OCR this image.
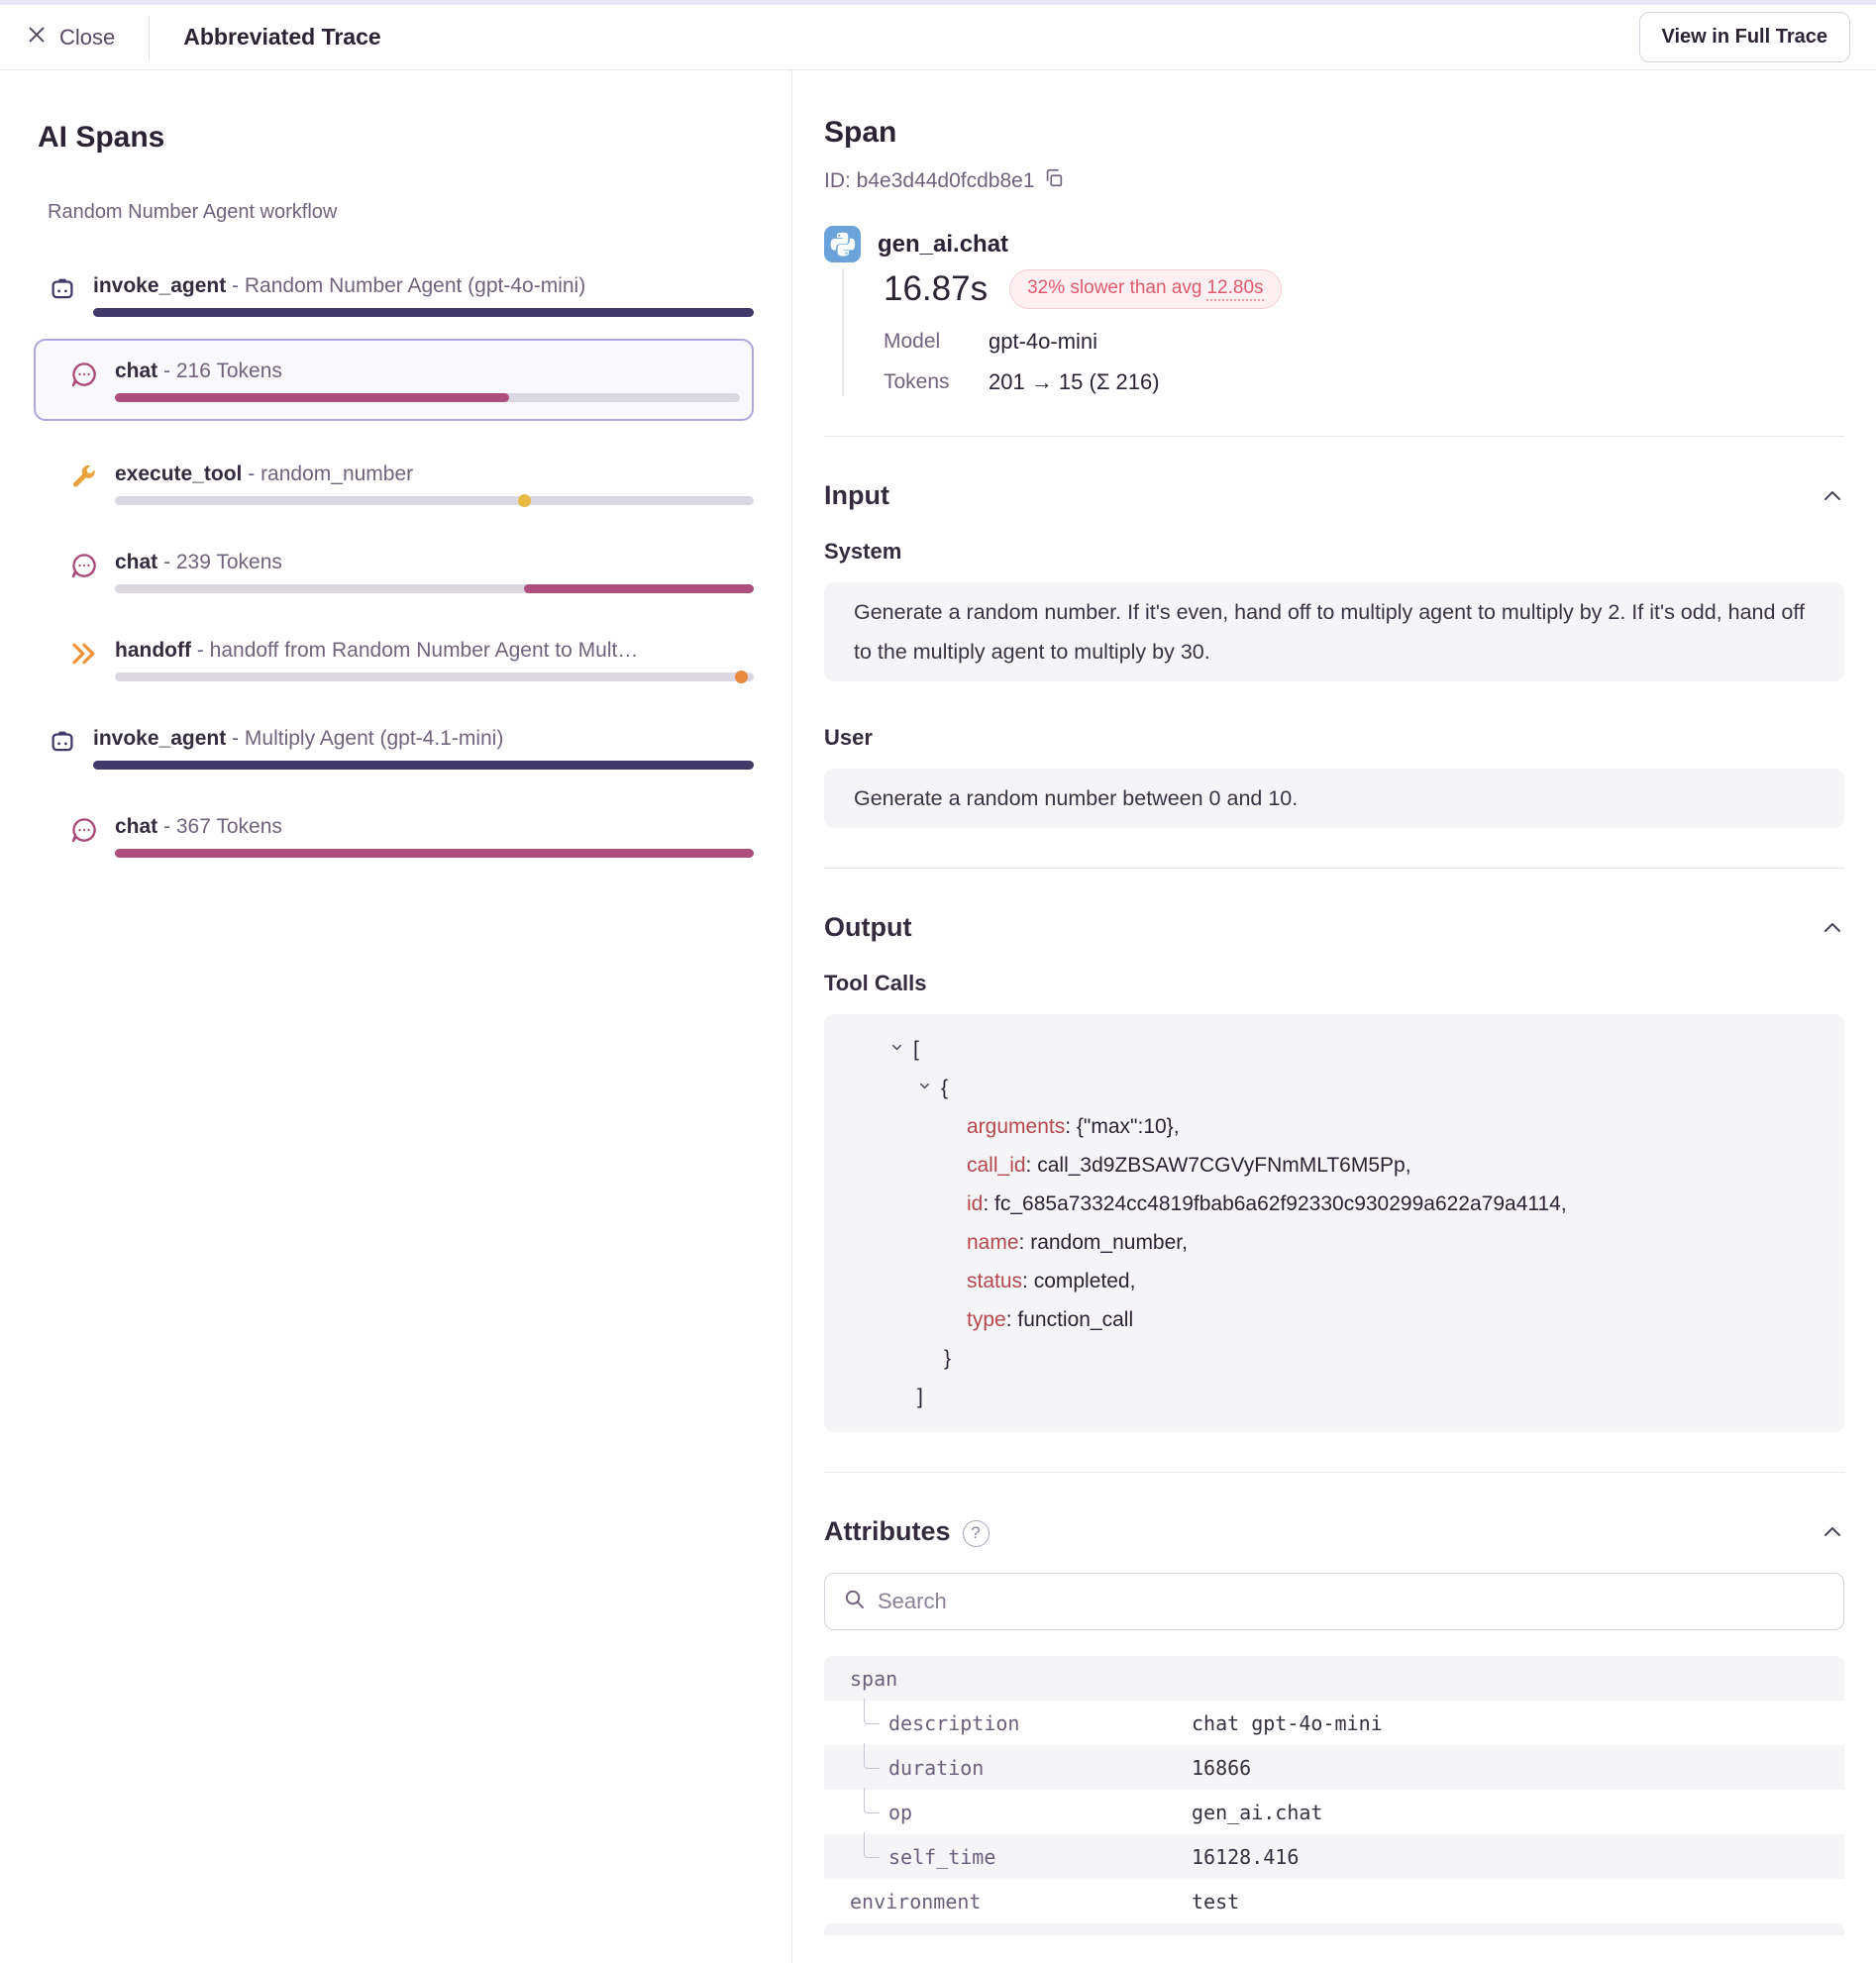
Close	Abbreviated Trace	View in Full Trace
AI Spans
Random Number Agent workflow
invoke_agent - Random Number Agent (gpt-4o-mini)
chat - 216 Tokens
execute_tool - random_number
chat - 239 Tokens
handoff - handoff from Random Number Agent to Mult…
invoke_agent - Multiply Agent (gpt-4.1-mini)
chat - 367 Tokens
Span
ID: b4e3d44d0fcdb8e1
gen_ai.chat
16.87s 32% slower than avg 12.80s
Model	gpt-4o-mini
Tokens	201 → 15 (Σ 216)
Input
System
Generate a random number. If it's even, hand off to multiply agent to multiply by 2. If it's odd, hand off to the multiply agent to multiply by 30.
User
Generate a random number between 0 and 10.
Output
Tool Calls
[
{
arguments: {"max":10},
call_id: call_3d9ZBSAW7CGVyFNmMLT6M5Pp,
id: fc_685a73324cc4819fbab6a62f92330c930299a622a79a4114,
name: random_number,
status: completed,
type: function_call
}
]
Attributes	?
Search
span
description	chat gpt-4o-mini
duration	16866
op	gen_ai.chat
self_time	16128.416
environment	test
